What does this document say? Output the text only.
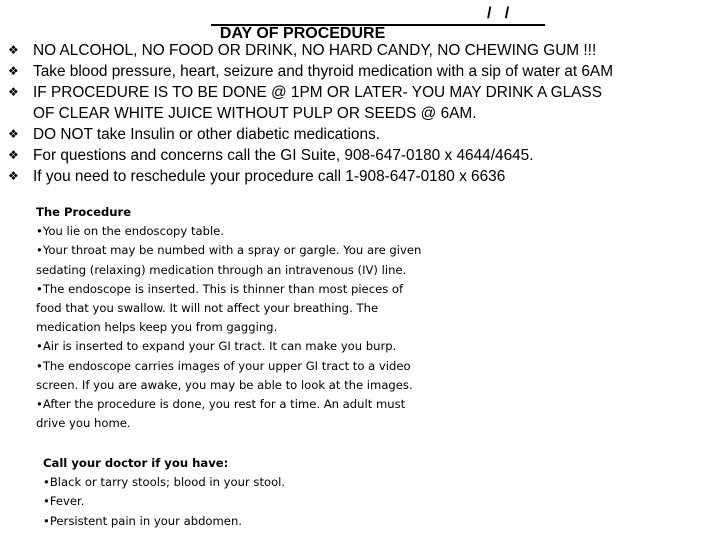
DAY OF PROCEDURE

/   /

❖ NO ALCOHOL, NO FOOD OR DRINK, NO HARD CANDY, NO CHEWING GUM !!!
❖ Take blood pressure, heart, seizure and thyroid medication with a sip of water at 6AM
❖ IF PROCEDURE IS TO BE DONE @ 1PM OR LATER- YOU MAY DRINK A GLASS
OF CLEAR WHITE JUICE WITHOUT PULP OR SEEDS @ 6AM.
❖ DO NOT take Insulin or other diabetic medications.
❖ For questions and concerns call the GI Suite, 908-647-0180 x 4644/4645.
❖ If you need to reschedule your procedure call 1-908-647-0180 x 6636
The Procedure
•You lie on the endoscopy table.
•Your throat may be numbed with a spray or gargle. You are given
sedating (relaxing) medication through an intravenous (IV) line.
•The endoscope is inserted. This is thinner than most pieces of
food that you swallow. It will not affect your breathing. The
medication helps keep you from gagging.
•Air is inserted to expand your GI tract. It can make you burp.
•The endoscope carries images of your upper GI tract to a video
screen. If you are awake, you may be able to look at the images.
•After the procedure is done, you rest for a time. An adult must
drive you home.
Call your doctor if you have:
•Black or tarry stools; blood in your stool.
•Fever.
•Persistent pain in your abdomen.
